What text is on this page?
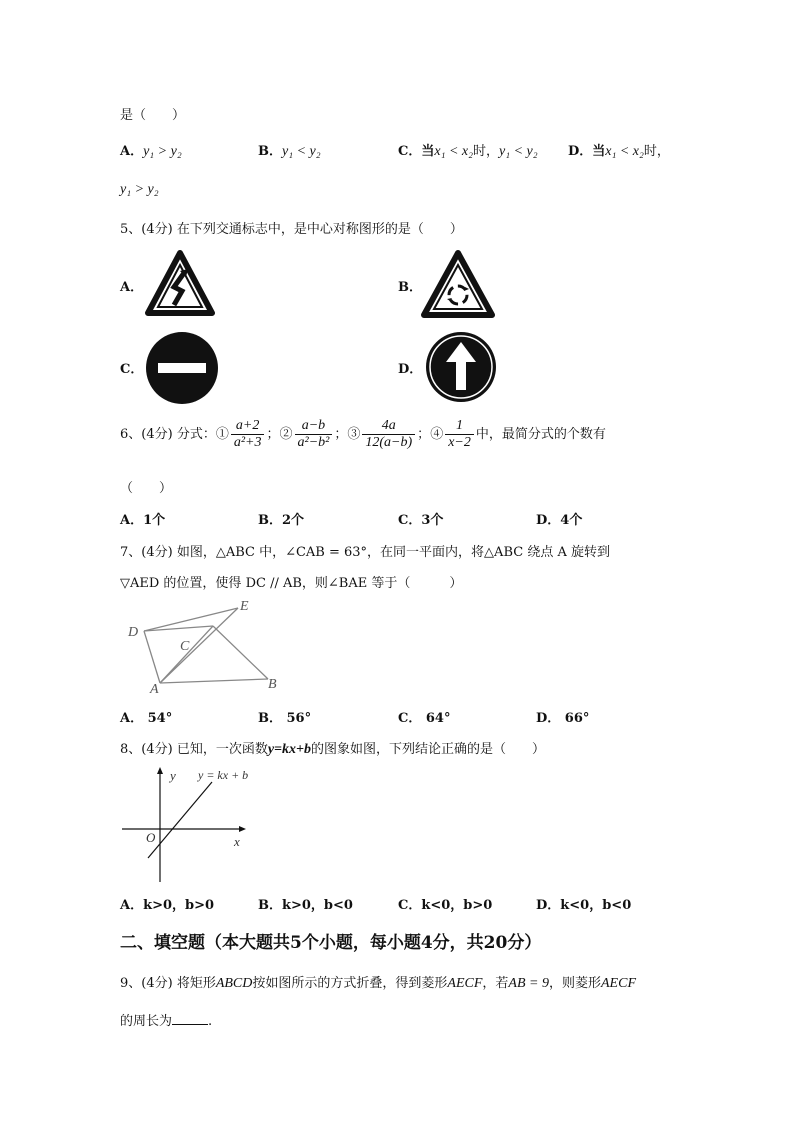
是（　　）
A．y₁ > y₂	B．y₁ < y₂	C．当x₁ < x₂时，y₁ < y₂ D．当x₁ < x₂时，
y₁ > y₂
5、(4分) 在下列交通标志中，是中心对称图形的是（　　）
A．	B．
C．	D．
6、(4分) 分式：① $\frac{a+2}{\text{a²+3}}$ ；② $\frac{a-b}{\text{a²−b²}}$ ；③ $\frac{4a}{12(a-b)}$ ；④ $\frac{1}{x-2}$ 中，最简分式的个数有
（　　）
A．1个	B．2个	C．3个	D．4个
7、(4分) 如图，△ABC 中，∠CAB = 63°，在同一平面内，将△ABC 绕点 A 旋转到
▽AED 的位置，使得 DC // AB，则∠BAE 等于（　　　）
D
E
C
A	B
A． 54°	B． 56°	C． 64°	D． 66°
8、(4分) 已知，一次函数y=kx+b的图象如图，下列结论正确的是（　　）
y
x
O
y = kx + b
A．k>0，b>0	B．k>0，b<0	C．k<0，b>0	D．k<0，b<0
二、填空题（本大题共5个小题，每小题4分，共20分）
9、(4分) 将矩形ABCD按如图所示的方式折叠，得到菱形AECF，若AB = 9，则菱形AECF
的周长为	.
